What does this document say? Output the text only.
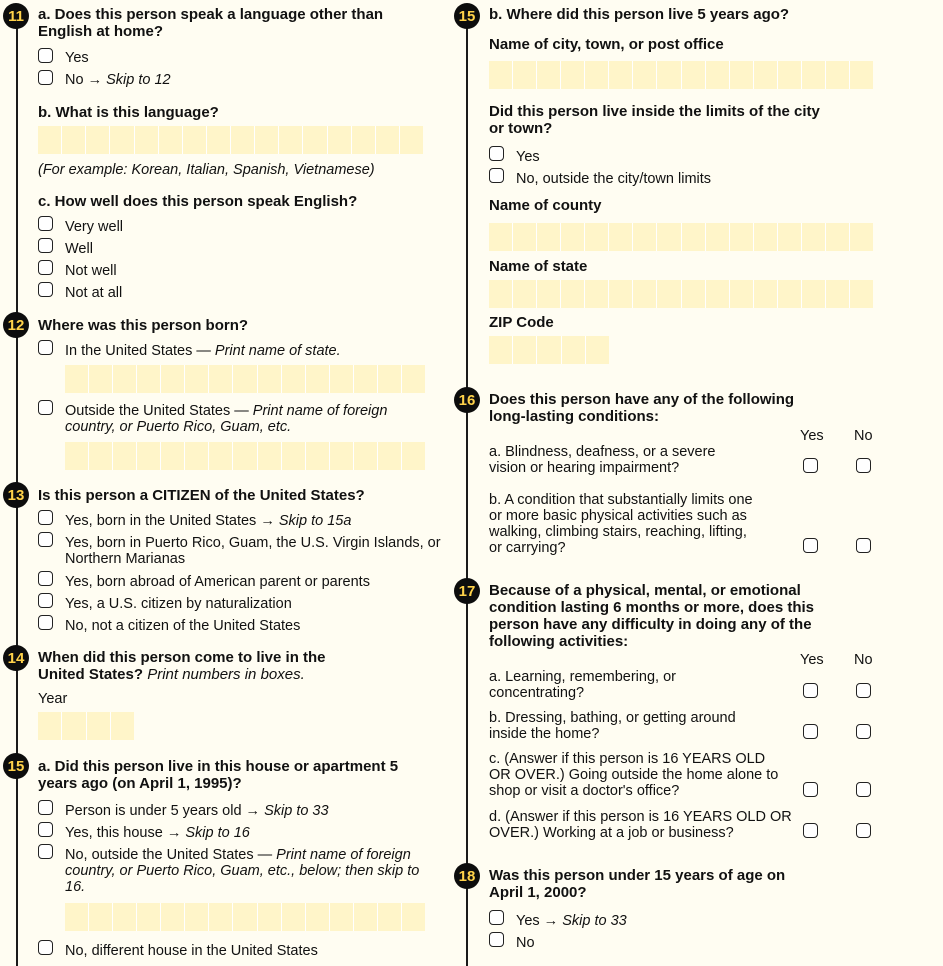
11 a. Does this person speak a language other than English at home?
Yes
No → Skip to 12
b. What is this language?
(For example: Korean, Italian, Spanish, Vietnamese)
c. How well does this person speak English?
Very well
Well
Not well
Not at all
12 Where was this person born?
In the United States — Print name of state.
Outside the United States — Print name of foreign country, or Puerto Rico, Guam, etc.
13 Is this person a CITIZEN of the United States?
Yes, born in the United States → Skip to 15a
Yes, born in Puerto Rico, Guam, the U.S. Virgin Islands, or Northern Marianas
Yes, born abroad of American parent or parents
Yes, a U.S. citizen by naturalization
No, not a citizen of the United States
14 When did this person come to live in the United States? Print numbers in boxes.
Year
15 a. Did this person live in this house or apartment 5 years ago (on April 1, 1995)?
Person is under 5 years old → Skip to 33
Yes, this house → Skip to 16
No, outside the United States — Print name of foreign country, or Puerto Rico, Guam, etc., below; then skip to 16.
No, different house in the United States
15 b. Where did this person live 5 years ago?
Name of city, town, or post office
Did this person live inside the limits of the city or town?
Yes
No, outside the city/town limits
Name of county
Name of state
ZIP Code
16 Does this person have any of the following long-lasting conditions:
Yes No
a. Blindness, deafness, or a severe vision or hearing impairment?
b. A condition that substantially limits one or more basic physical activities such as walking, climbing stairs, reaching, lifting, or carrying?
17 Because of a physical, mental, or emotional condition lasting 6 months or more, does this person have any difficulty in doing any of the following activities:
Yes No
a. Learning, remembering, or concentrating?
b. Dressing, bathing, or getting around inside the home?
c. (Answer if this person is 16 YEARS OLD OR OVER.) Going outside the home alone to shop or visit a doctor's office?
d. (Answer if this person is 16 YEARS OLD OR OVER.) Working at a job or business?
18 Was this person under 15 years of age on April 1, 2000?
Yes → Skip to 33
No
